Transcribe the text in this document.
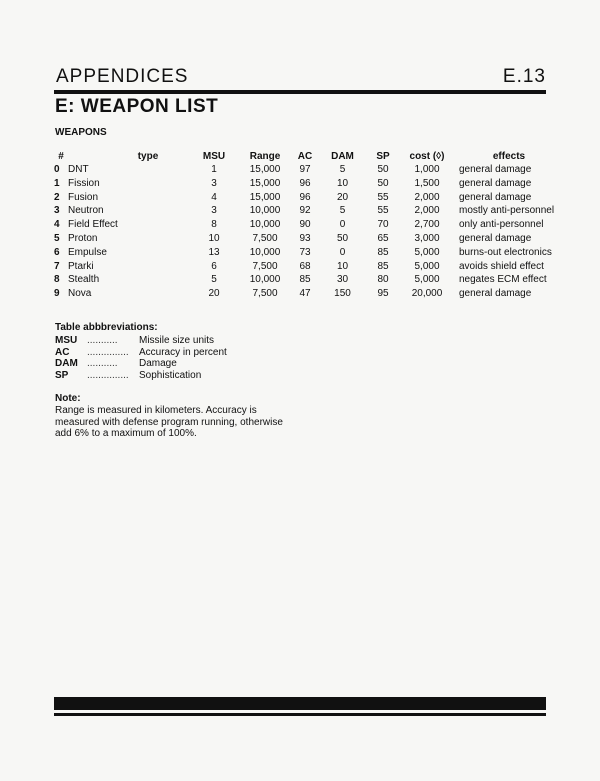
APPENDICES	E.13
E: WEAPON LIST
WEAPONS
#	type	MSU	Range	AC	DAM	SP	cost (◊)	effects
0	DNT	1	15,000	97	5	50	1,000	general damage
1	Fission	3	15,000	96	10	50	1,500	general damage
2	Fusion	4	15,000	96	20	55	2,000	general damage
3	Neutron	3	10,000	92	5	55	2,000	mostly anti-personnel
4	Field Effect	8	10,000	90	0	70	2,700	only anti-personnel
5	Proton	10	7,500	93	50	65	3,000	general damage
6	Empulse	13	10,000	73	0	85	5,000	burns-out electronics
7	Ptarki	6	7,500	68	10	85	5,000	avoids shield effect
8	Stealth	5	10,000	85	30	80	5,000	negates ECM effect
9	Nova	20	7,500	47	150	95	20,000	general damage
Table abbbreviations:
MSU ........... Missile size units
AC ............... Accuracy in percent
DAM ........... Damage
SP ............... Sophistication
Note:
Range is measured in kilometers. Accuracy is measured with defense program running, otherwise add 6% to a maximum of 100%.
